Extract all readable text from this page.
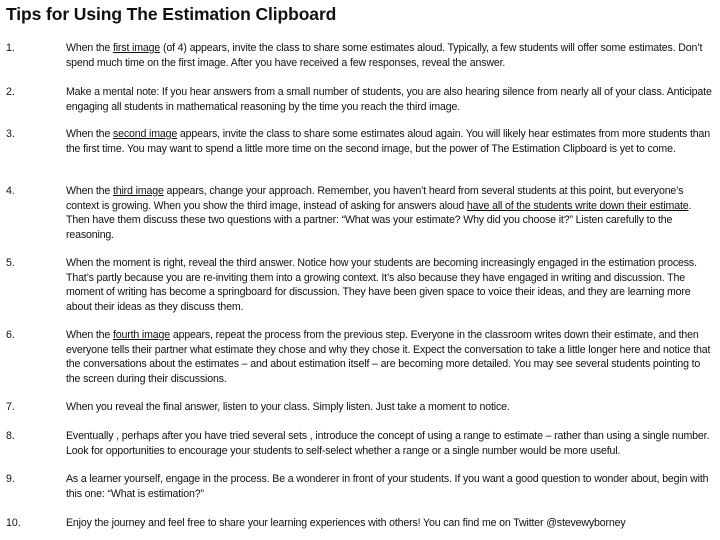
Tips for Using The Estimation Clipboard
1.	When the first image (of 4) appears, invite the class to share some estimates aloud. Typically, a few students will offer some estimates. Don’t spend much time on the first image. After you have received a few responses, reveal the answer.
2.	Make a mental note: If you hear answers from a small number of students, you are also hearing silence from nearly all of your class. Anticipate engaging all students in mathematical reasoning by the time you reach the third image.
3.	When the second image appears, invite the class to share some estimates aloud again. You will likely hear estimates from more students than the first time. You may want to spend a little more time on the second image, but the power of The Estimation Clipboard is yet to come.
4.	When the third image appears, change your approach. Remember, you haven’t heard from several students at this point, but everyone’s context is growing. When you show the third image, instead of asking for answers aloud have all of the students write down their estimate. Then have them discuss these two questions with a partner: “What was your estimate? Why did you choose it?” Listen carefully to the reasoning.
5.	When the moment is right, reveal the third answer. Notice how your students are becoming increasingly engaged in the estimation process. That’s partly because you are re-inviting them into a growing context. It’s also because they have engaged in writing and discussion. The moment of writing has become a springboard for discussion. They have been given space to voice their ideas, and they are learning more about their ideas as they discuss them.
6.	When the fourth image appears, repeat the process from the previous step. Everyone in the classroom writes down their estimate, and then everyone tells their partner what estimate they chose and why they chose it. Expect the conversation to take a little longer here and notice that the conversations about the estimates – and about estimation itself – are becoming more detailed. You may see several students pointing to the screen during their discussions.
7.	When you reveal the final answer, listen to your class. Simply listen. Just take a moment to notice.
8.	Eventually , perhaps after you have tried several sets , introduce the concept of using a range to estimate – rather than using a single number. Look for opportunities to encourage your students to self-select whether a range or a single number would be more useful.
9.	As a learner yourself, engage in the process. Be a wonderer in front of your students. If you want a good question to wonder about, begin with this one: “What is estimation?”
10.	Enjoy the journey and feel free to share your learning experiences with others! You can find me on Twitter @stevewyborney
